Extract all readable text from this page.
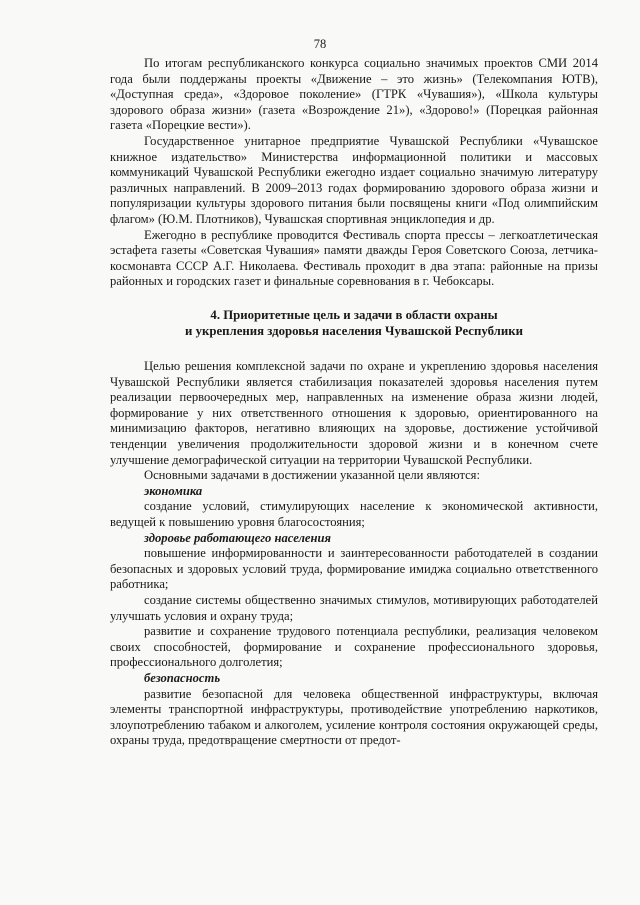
78

По итогам республиканского конкурса социально значимых проектов СМИ 2014 года были поддержаны проекты «Движение – это жизнь» (Телекомпания ЮТВ), «Доступная среда», «Здоровое поколение» (ГТРК «Чувашия»), «Школа культуры здорового образа жизни» (газета «Возрождение 21»), «Здорово!» (Порецкая районная газета «Порецкие вести»).

Государственное унитарное предприятие Чувашской Республики «Чувашское книжное издательство» Министерства информационной политики и массовых коммуникаций Чувашской Республики ежегодно издает социально значимую литературу различных направлений. В 2009–2013 годах формированию здорового образа жизни и популяризации культуры здорового питания были посвящены книги «Под олимпийским флагом» (Ю.М. Плотников), Чувашская спортивная энциклопедия и др.

Ежегодно в республике проводится Фестиваль спорта прессы – легкоатлетическая эстафета газеты «Советская Чувашия» памяти дважды Героя Советского Союза, летчика-космонавта СССР А.Г. Николаева. Фестиваль проходит в два этапа: районные на призы районных и городских газет и финальные соревнования в г. Чебоксары.

4. Приоритетные цель и задачи в области охраны
и укрепления здоровья населения Чувашской Республики

Целью решения комплексной задачи по охране и укреплению здоровья населения Чувашской Республики является стабилизация показателей здоровья населения путем реализации первоочередных мер, направленных на изменение образа жизни людей, формирование у них ответственного отношения к здоровью, ориентированного на минимизацию факторов, негативно влияющих на здоровье, достижение устойчивой тенденции увеличения продолжительности здоровой жизни и в конечном счете улучшение демографической ситуации на территории Чувашской Республики.

Основными задачами в достижении указанной цели являются:

экономика

создание условий, стимулирующих население к экономической активности, ведущей к повышению уровня благосостояния;

здоровье работающего населения

повышение информированности и заинтересованности работодателей в создании безопасных и здоровых условий труда, формирование имиджа социально ответственного работника;

создание системы общественно значимых стимулов, мотивирующих работодателей улучшать условия и охрану труда;

развитие и сохранение трудового потенциала республики, реализация человеком своих способностей, формирование и сохранение профессионального здоровья, профессионального долголетия;

безопасность

развитие безопасной для человека общественной инфраструктуры, включая элементы транспортной инфраструктуры, противодействие употреблению наркотиков, злоупотреблению табаком и алкоголем, усиление контроля состояния окружающей среды, охраны труда, предотвращение смертности от предот-
